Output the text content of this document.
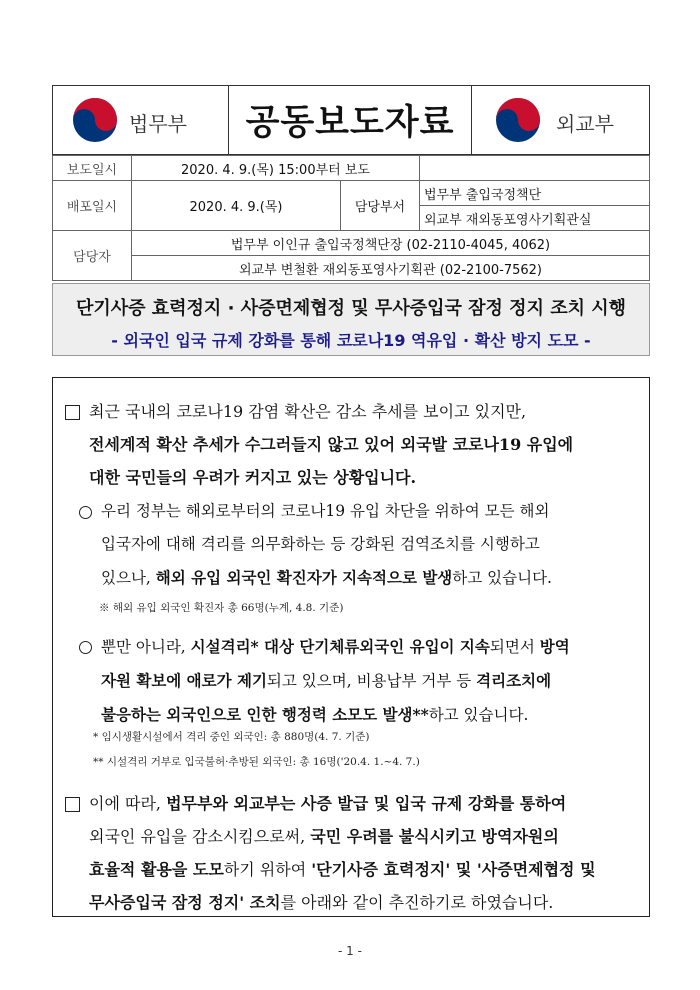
법무부	공동보도자료	외교부
보도일시	2020. 4. 9.(목) 15:00부터 보도		
배포일시	2020. 4. 9.(목)	담당부서	법무부 출입국정책단
			외교부 재외동포영사기획관실
담당자	법무부 이인규 출입국정책단장 (02-2110-4045, 4062)		
	외교부 변철환 재외동포영사기획관 (02-2100-7562)		
단기사증 효력정지 · 사증면제협정 및 무사증입국 잠정 정지 조치 시행
- 외국인 입국 규제 강화를 통해 코로나19 역유입 · 확산 방지 도모 -
최근 국내의 코로나19 감염 확산은 감소 추세를 보이고 있지만,
전세계적 확산 추세가 수그러들지 않고 있어 외국발 코로나19 유입에
대한 국민들의 우려가 커지고 있는 상황입니다.
우리 정부는 해외로부터의 코로나19 유입 차단을 위하여 모든 해외
입국자에 대해 격리를 의무화하는 등 강화된 검역조치를 시행하고
있으나, 해외 유입 외국인 확진자가 지속적으로 발생하고 있습니다.
※ 해외 유입 외국인 확진자 총 66명(누계, 4.8. 기준)
뿐만 아니라, 시설격리* 대상 단기체류외국인 유입이 지속되면서 방역
자원 확보에 애로가 제기되고 있으며, 비용납부 거부 등 격리조치에
불응하는 외국인으로 인한 행정력 소모도 발생**하고 있습니다.
* 임시생활시설에서 격리 중인 외국인: 총 880명(4. 7. 기준)
** 시설격리 거부로 입국불허·추방된 외국인: 총 16명('20.4. 1.~4. 7.)
이에 따라, 법무부와 외교부는 사증 발급 및 입국 규제 강화를 통하여
외국인 유입을 감소시킴으로써, 국민 우려를 불식시키고 방역자원의
효율적 활용을 도모하기 위하여 '단기사증 효력정지' 및 '사증면제협정 및
무사증입국 잠정 정지' 조치를 아래와 같이 추진하기로 하였습니다.
- 1 -
